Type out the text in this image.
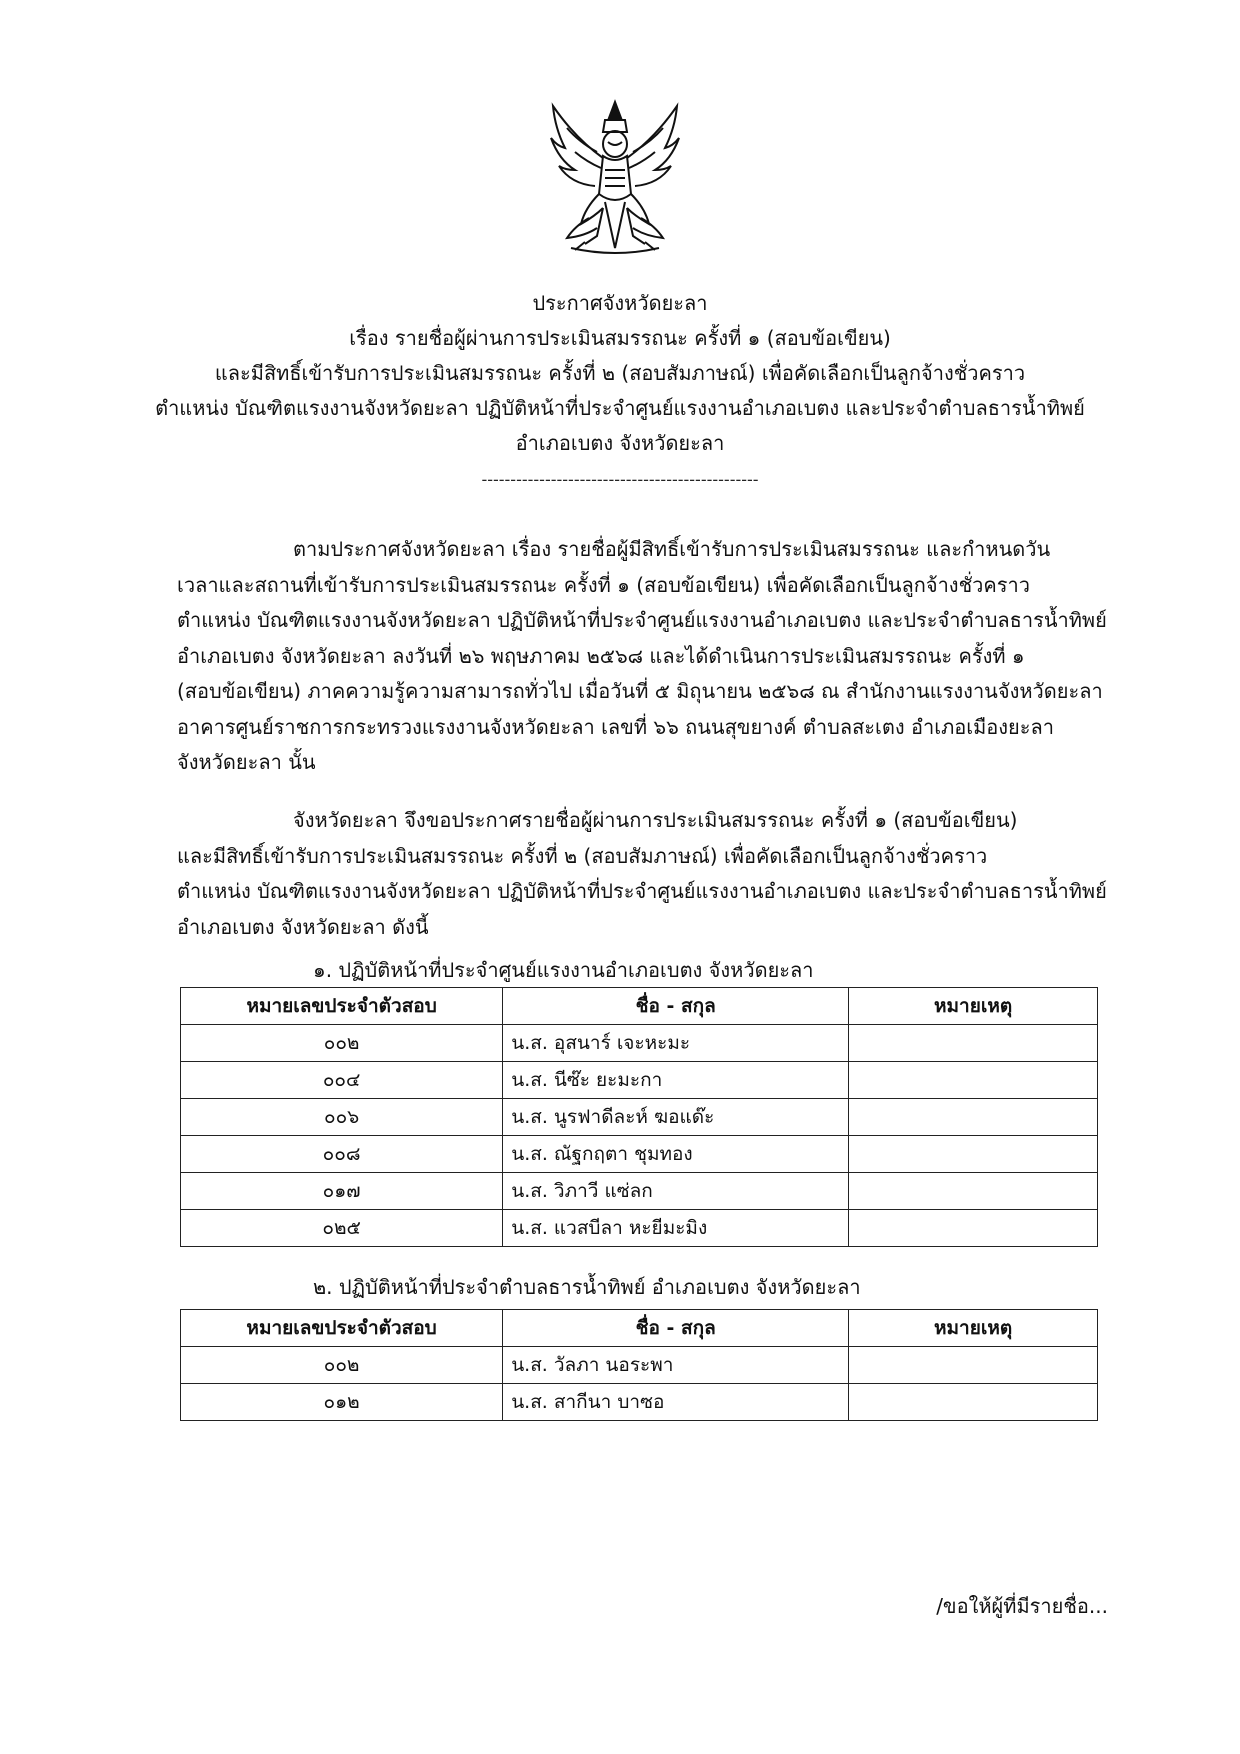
ประกาศจังหวัดยะลา
เรื่อง รายชื่อผู้ผ่านการประเมินสมรรถนะ ครั้งที่ ๑ (สอบข้อเขียน)
และมีสิทธิ์เข้ารับการประเมินสมรรถนะ ครั้งที่ ๒ (สอบสัมภาษณ์) เพื่อคัดเลือกเป็นลูกจ้างชั่วคราว
ตำแหน่ง บัณฑิตแรงงานจังหวัดยะลา ปฏิบัติหน้าที่ประจำศูนย์แรงงานอำเภอเบตง และประจำตำบลธารน้ำทิพย์
อำเภอเบตง จังหวัดยะลา
------------------------------------------------
ตามประกาศจังหวัดยะลา เรื่อง รายชื่อผู้มีสิทธิ์เข้ารับการประเมินสมรรถนะ และกำหนดวัน
เวลาและสถานที่เข้ารับการประเมินสมรรถนะ ครั้งที่ ๑ (สอบข้อเขียน) เพื่อคัดเลือกเป็นลูกจ้างชั่วคราว
ตำแหน่ง บัณฑิตแรงงานจังหวัดยะลา ปฏิบัติหน้าที่ประจำศูนย์แรงงานอำเภอเบตง และประจำตำบลธารน้ำทิพย์
อำเภอเบตง จังหวัดยะลา ลงวันที่ ๒๖ พฤษภาคม ๒๕๖๘ และได้ดำเนินการประเมินสมรรถนะ ครั้งที่ ๑
(สอบข้อเขียน) ภาคความรู้ความสามารถทั่วไป เมื่อวันที่ ๕ มิถุนายน ๒๕๖๘ ณ สำนักงานแรงงานจังหวัดยะลา
อาคารศูนย์ราชการกระทรวงแรงงานจังหวัดยะลา เลขที่ ๖๖ ถนนสุขยางค์ ตำบลสะเตง อำเภอเมืองยะลา
จังหวัดยะลา นั้น
จังหวัดยะลา จึงขอประกาศรายชื่อผู้ผ่านการประเมินสมรรถนะ ครั้งที่ ๑ (สอบข้อเขียน)
และมีสิทธิ์เข้ารับการประเมินสมรรถนะ ครั้งที่ ๒ (สอบสัมภาษณ์) เพื่อคัดเลือกเป็นลูกจ้างชั่วคราว
ตำแหน่ง บัณฑิตแรงงานจังหวัดยะลา ปฏิบัติหน้าที่ประจำศูนย์แรงงานอำเภอเบตง และประจำตำบลธารน้ำทิพย์
อำเภอเบตง จังหวัดยะลา ดังนี้
๑. ปฏิบัติหน้าที่ประจำศูนย์แรงงานอำเภอเบตง จังหวัดยะลา
หมายเลขประจำตัวสอบ	ชื่อ - สกุล	หมายเหตุ
๐๐๒	น.ส. อุสนาร์ เจะหะมะ	
๐๐๔	น.ส. นีซ๊ะ ยะมะกา	
๐๐๖	น.ส. นูรฟาดีละห์ ฆอแด๊ะ	
๐๐๘	น.ส. ณัฐกฤตา ชุมทอง	
๐๑๗	น.ส. วิภาวี แซ่ลก	
๐๒๕	น.ส. แวสบีลา หะยีมะมิง	
๒. ปฏิบัติหน้าที่ประจำตำบลธารน้ำทิพย์ อำเภอเบตง จังหวัดยะลา
หมายเลขประจำตัวสอบ	ชื่อ - สกุล	หมายเหตุ
๐๐๒	น.ส. วัลภา นอระพา	
๐๑๒	น.ส. สากีนา บาซอ	
/ขอให้ผู้ที่มีรายชื่อ...
